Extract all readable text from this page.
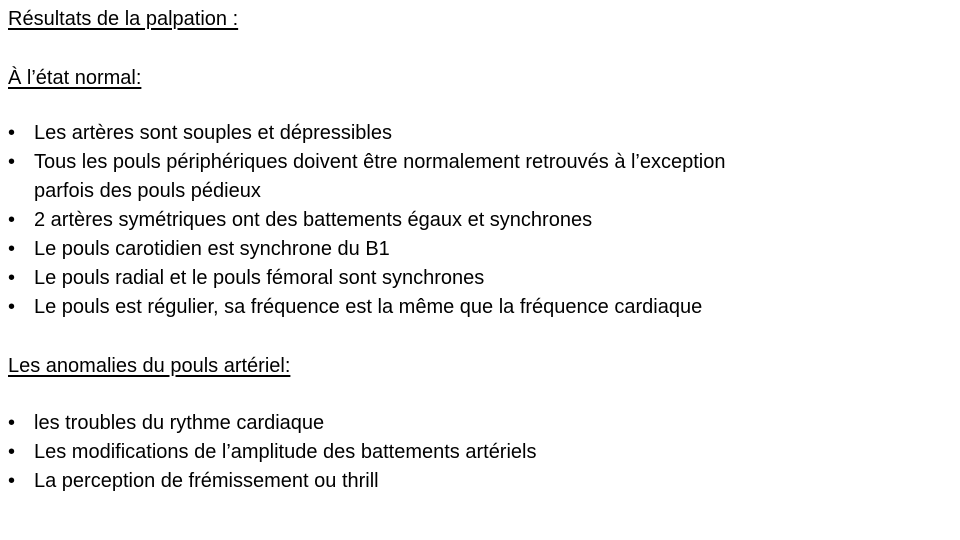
Résultats de la palpation :
À l’état normal:
• Les artères sont souples et dépressibles
• Tous les pouls périphériques doivent être normalement retrouvés à l’exception
parfois des pouls pédieux
• 2 artères symétriques ont des battements égaux et synchrones
• Le pouls carotidien est synchrone du B1
• Le pouls radial et le pouls fémoral sont synchrones
• Le pouls est régulier, sa fréquence est la même que la fréquence cardiaque
Les anomalies du pouls artériel:
• les troubles du rythme cardiaque
• Les modifications de l’amplitude des battements artériels
• La perception de frémissement ou thrill
